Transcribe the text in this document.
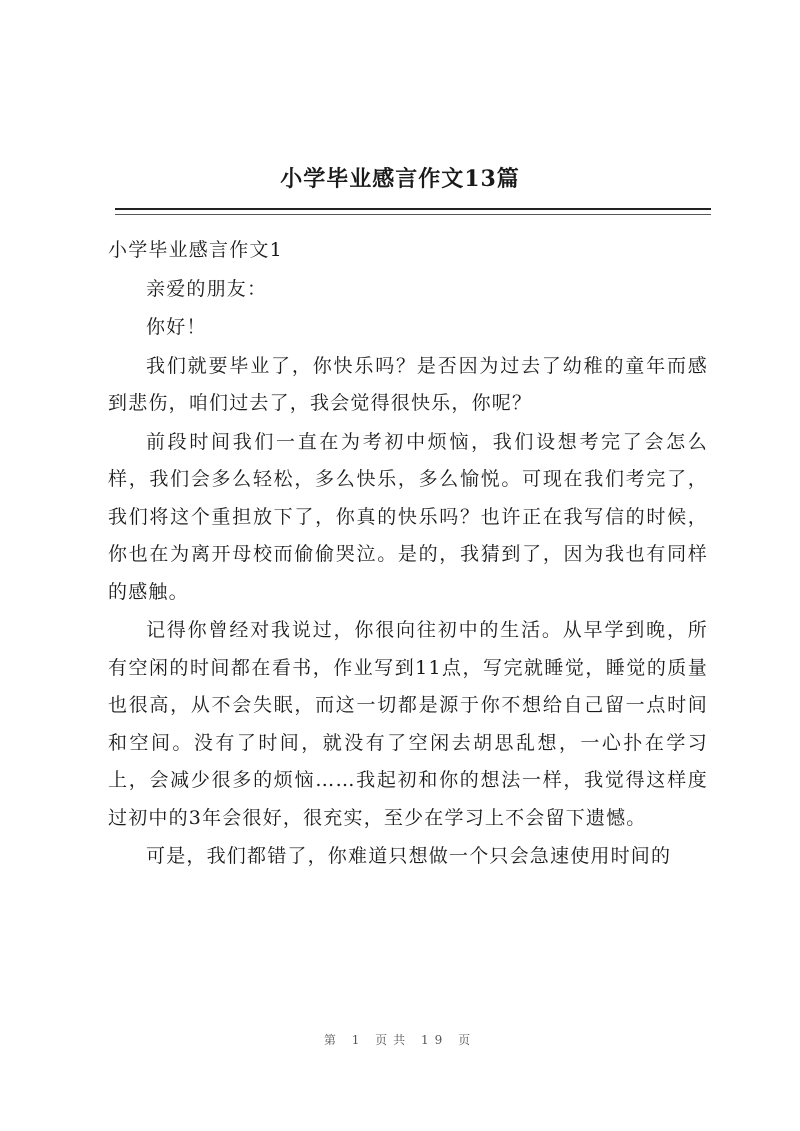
小学毕业感言作文13篇

小学毕业感言作文1

亲爱的朋友：

你好！

我们就要毕业了，你快乐吗？是否因为过去了幼稚的童年而感到悲伤，咱们过去了，我会觉得很快乐，你呢？

前段时间我们一直在为考初中烦恼，我们设想考完了会怎么样，我们会多么轻松，多么快乐，多么愉悦。可现在我们考完了，我们将这个重担放下了，你真的快乐吗？也许正在我写信的时候，你也在为离开母校而偷偷哭泣。是的，我猜到了，因为我也有同样的感触。

记得你曾经对我说过，你很向往初中的生活。从早学到晚，所有空闲的时间都在看书，作业写到11点，写完就睡觉，睡觉的质量也很高，从不会失眠，而这一切都是源于你不想给自己留一点时间和空间。没有了时间，就没有了空闲去胡思乱想，一心扑在学习上，会减少很多的烦恼……我起初和你的想法一样，我觉得这样度过初中的3年会很好，很充实，至少在学习上不会留下遗憾。

可是，我们都错了，你难道只想做一个只会急速使用时间的

第 1 页共 19 页
